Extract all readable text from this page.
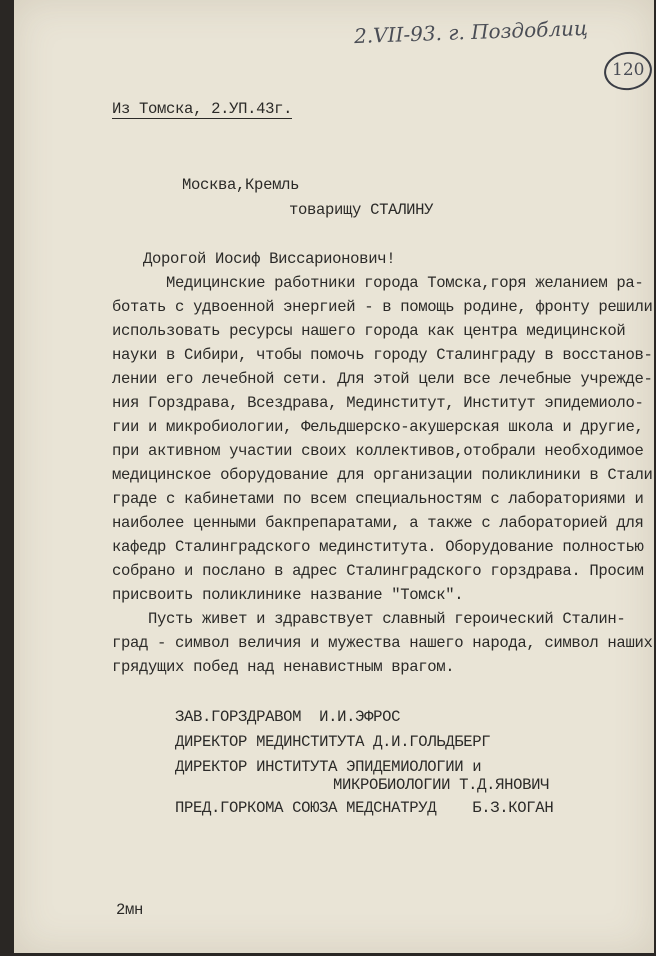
2.VII-93. г. Поздоблиц
120
Из Томска, 2.УП.43г.
Москва,Кремль
товарищу СТАЛИНУ
Дорогой Иосиф Виссарионович!
Медицинские работники города Томска,горя желанием ра-
ботать с удвоенной энергией - в помощь родине, фронту решили
использовать ресурсы нашего города как центра медицинской
науки в Сибири, чтобы помочь городу Сталинграду в восстанов-
лении его лечебной сети. Для этой цели все лечебные учрежде-
ния Горздрава, Всездрава, Мединститут, Институт эпидемиоло-
гии и микробиологии, Фельдшерско-акушерская школа и другие,
при активном участии своих коллективов,отобрали необходимое
медицинское оборудование для организации поликлиники в Стали
граде с кабинетами по всем специальностям с лабораториями и
наиболее ценными бакпрепаратами, а также с лабораторией для
кафедр Сталинградского мединститута. Оборудование полностью
собрано и послано в адрес Сталинградского горздрава. Просим
присвоить поликлинике название "Томск".
Пусть живет и здравствует славный героический Сталин-
град - символ величия и мужества нашего народа, символ наших
грядущих побед над ненавистным врагом.
ЗАВ.ГОРЗДРАВОМ  И.И.ЭФРОС
ДИРЕКТОР МЕДИНСТИТУТА Д.И.ГОЛЬДБЕРГ
ДИРЕКТОР ИНСТИТУТА ЭПИДЕМИОЛОГИИ и
МИКРОБИОЛОГИИ Т.Д.ЯНОВИЧ
ПРЕД.ГОРКОМА СОЮЗА МЕДСНАТРУД    Б.З.КОГАН
2мн
